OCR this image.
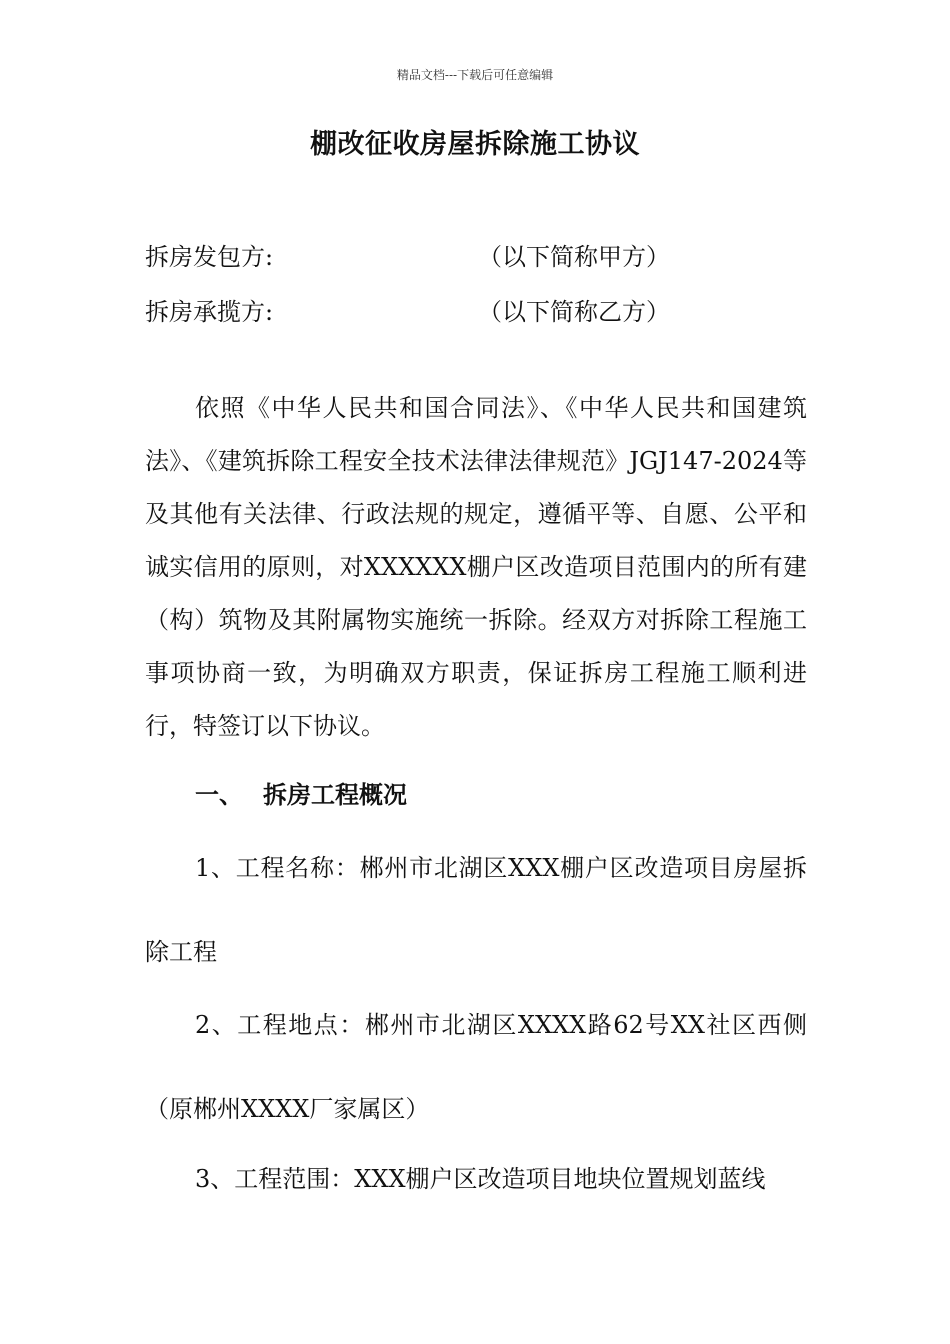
精品文档---下载后可任意编辑
棚改征收房屋拆除施工协议
拆房发包方:	（以下简称甲方）
拆房承揽方:	（以下简称乙方）

依照《中华人民共和国合同法》、《中华人民共和国建筑法》、《建筑拆除工程安全技术法律法律规范》JGJ147-2024等及其他有关法律、行政法规的规定，遵循平等、自愿、公平和诚实信用的原则，对XXXXXX棚户区改造项目范围内的所有建（构）筑物及其附属物实施统一拆除。经双方对拆除工程施工事项协商一致，为明确双方职责，保证拆房工程施工顺利进行，特签订以下协议。

一、 拆房工程概况

1、工程名称：郴州市北湖区XXX棚户区改造项目房屋拆除工程

2、工程地点：郴州市北湖区XXXX路62号XX社区西侧（原郴州XXXX厂家属区）

3、工程范围：XXX棚户区改造项目地块位置规划蓝线
